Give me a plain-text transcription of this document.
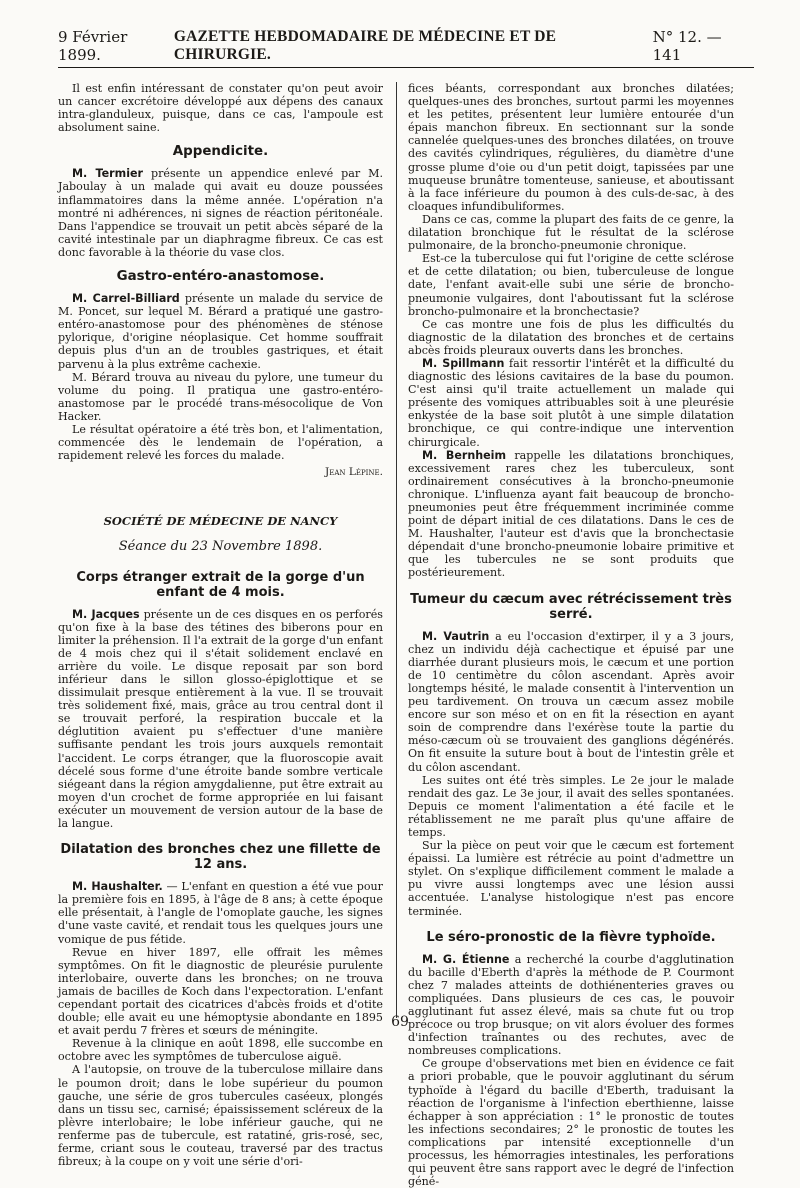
9 Février 1899.
GAZETTE HEBDOMADAIRE DE MÉDECINE ET DE CHIRURGIE.
N° 12. — 141

Il est enfin intéressant de constater qu'on peut avoir un cancer excrétoire développé aux dépens des canaux intra-glanduleux, puisque, dans ce cas, l'ampoule est absolument saine.

Appendicite.

M. Termier présente un appendice enlevé par M. Jaboulay à un malade qui avait eu douze poussées inflammatoires dans la même année. L'opération n'a montré ni adhérences, ni signes de réaction péritonéale. Dans l'appendice se trouvait un petit abcès séparé de la cavité intestinale par un diaphragme fibreux. Ce cas est donc favorable à la théorie du vase clos.

Gastro-entéro-anastomose.

M. Carrel-Billiard présente un malade du service de M. Poncet, sur lequel M. Bérard a pratiqué une gastro-entéro-anastomose pour des phénomènes de sténose pylorique, d'origine néoplasique. Cet homme souffrait depuis plus d'un an de troubles gastriques, et était parvenu à la plus extrême cachexie.

M. Bérard trouva au niveau du pylore, une tumeur du volume du poing. Il pratiqua une gastro-entéro-anastomose par le procédé trans-mésocolique de Von Hacker.

Le résultat opératoire a été très bon, et l'alimentation, commencée dès le lendemain de l'opération, a rapidement relevé les forces du malade.

Jean Lépine.
SOCIÉTÉ DE MÉDECINE DE NANCY
Séance du 23 Novembre 1898.
Corps étranger extrait de la gorge d'un enfant de 4 mois.

M. Jacques présente un de ces disques en os perforés qu'on fixe à la base des tétines des biberons pour en limiter la préhension. Il l'a extrait de la gorge d'un enfant de 4 mois chez qui il s'était solidement enclavé en arrière du voile. Le disque reposait par son bord inférieur dans le sillon glosso-épiglottique et se dissimulait presque entièrement à la vue. Il se trouvait très solidement fixé, mais, grâce au trou central dont il se trouvait perforé, la respiration buccale et la déglutition avaient pu s'effectuer d'une manière suffisante pendant les trois jours auxquels remontait l'accident. Le corps étranger, que la fluoroscopie avait décelé sous forme d'une étroite bande sombre verticale siégeant dans la région amygdalienne, put être extrait au moyen d'un crochet de forme appropriée en lui faisant exécuter un mouvement de version autour de la base de la langue.

Dilatation des bronches chez une fillette de 12 ans.

M. Haushalter. — L'enfant en question a été vue pour la première fois en 1895, à l'âge de 8 ans; à cette époque elle présentait, à l'angle de l'omoplate gauche, les signes d'une vaste cavité, et rendait tous les quelques jours une vomique de pus fétide.

Revue en hiver 1897, elle offrait les mêmes symptômes. On fit le diagnostic de pleurésie purulente interlobaire, ouverte dans les bronches; on ne trouva jamais de bacilles de Koch dans l'expectoration. L'enfant cependant portait des cicatrices d'abcès froids et d'otite double; elle avait eu une hémoptysie abondante en 1895 et avait perdu 7 frères et sœurs de méningite.

Revenue à la clinique en août 1898, elle succombe en octobre avec les symptômes de tuberculose aiguë.

A l'autopsie, on trouve de la tuberculose millaire dans le poumon droit; dans le lobe supérieur du poumon gauche, une série de gros tubercules caséeux, plongés dans un tissu sec, carnisé; épaississement scléreux de la plèvre interlobaire; le lobe inférieur gauche, qui ne renferme pas de tubercule, est ratatiné, gris-rosé, sec, ferme, criant sous le couteau, traversé par des tractus fibreux; à la coupe on y voit une série d'ori-

fices béants, correspondant aux bronches dilatées; quelques-unes des bronches, surtout parmi les moyennes et les petites, présentent leur lumière entourée d'un épais manchon fibreux. En sectionnant sur la sonde cannelée quelques-unes des bronches dilatées, on trouve des cavités cylindriques, régulières, du diamètre d'une grosse plume d'oie ou d'un petit doigt, tapissées par une muqueuse brunâtre tomenteuse, sanieuse, et aboutissant à la face inférieure du poumon à des culs-de-sac, à des cloaques infundibuliformes.

Dans ce cas, comme la plupart des faits de ce genre, la dilatation bronchique fut le résultat de la sclérose pulmonaire, de la broncho-pneumonie chronique.

Est-ce la tuberculose qui fut l'origine de cette sclérose et de cette dilatation; ou bien, tuberculeuse de longue date, l'enfant avait-elle subi une série de broncho-pneumonie vulgaires, dont l'aboutissant fut la sclérose broncho-pulmonaire et la bronchectasie?

Ce cas montre une fois de plus les difficultés du diagnostic de la dilatation des bronches et de certains abcès froids pleuraux ouverts dans les bronches.

M. Spillmann fait ressortir l'intérêt et la difficulté du diagnostic des lésions cavitaires de la base du poumon. C'est ainsi qu'il traite actuellement un malade qui présente des vomiques attribuables soit à une pleurésie enkystée de la base soit plutôt à une simple dilatation bronchique, ce qui contre-indique une intervention chirurgicale.

M. Bernheim rappelle les dilatations bronchiques, excessivement rares chez les tuberculeux, sont ordinairement consécutives à la broncho-pneumonie chronique. L'influenza ayant fait beaucoup de broncho-pneumonies peut être fréquemment incriminée comme point de départ initial de ces dilatations. Dans le ces de M. Haushalter, l'auteur est d'avis que la bronchectasie dépendait d'une broncho-pneumonie lobaire primitive et que les tubercules ne se sont produits que postérieurement.

Tumeur du cæcum avec rétrécissement très serré.

M. Vautrin a eu l'occasion d'extirper, il y a 3 jours, chez un individu déjà cachectique et épuisé par une diarrhée durant plusieurs mois, le cæcum et une portion de 10 centimètre du côlon ascendant. Après avoir longtemps hésité, le malade consentit à l'intervention un peu tardivement. On trouva un cæcum assez mobile encore sur son méso et on en fit la résection en ayant soin de comprendre dans l'exérèse toute la partie du méso-cæcum où se trouvaient des ganglions dégénérés. On fit ensuite la suture bout à bout de l'intestin grêle et du côlon ascendant.

Les suites ont été très simples. Le 2e jour le malade rendait des gaz. Le 3e jour, il avait des selles spontanées. Depuis ce moment l'alimentation a été facile et le rétablissement ne me paraît plus qu'une affaire de temps.

Sur la pièce on peut voir que le cæcum est fortement épaissi. La lumière est rétrécie au point d'admettre un stylet. On s'explique difficilement comment le malade a pu vivre aussi longtemps avec une lésion aussi accentuée. L'analyse histologique n'est pas encore terminée.

Le séro-pronostic de la fièvre typhoïde.

M. G. Étienne a recherché la courbe d'agglutination du bacille d'Eberth d'après la méthode de P. Courmont chez 7 malades atteints de dothiénenteries graves ou compliquées. Dans plusieurs de ces cas, le pouvoir agglutinant fut assez élevé, mais sa chute fut ou trop précoce ou trop brusque; on vit alors évoluer des formes d'infection traînantes ou des rechutes, avec de nombreuses complications.

Ce groupe d'observations met bien en évidence ce fait a priori probable, que le pouvoir agglutinant du sérum typhoïde à l'égard du bacille d'Eberth, traduisant la réaction de l'organisme à l'infection eberthienne, laisse échapper à son appréciation : 1° le pronostic de toutes les infections secondaires; 2° le pronostic de toutes les complications par intensité exceptionnelle d'un processus, les hémorragies intestinales, les perforations qui peuvent être sans rapport avec le degré de l'infection géné-

69
